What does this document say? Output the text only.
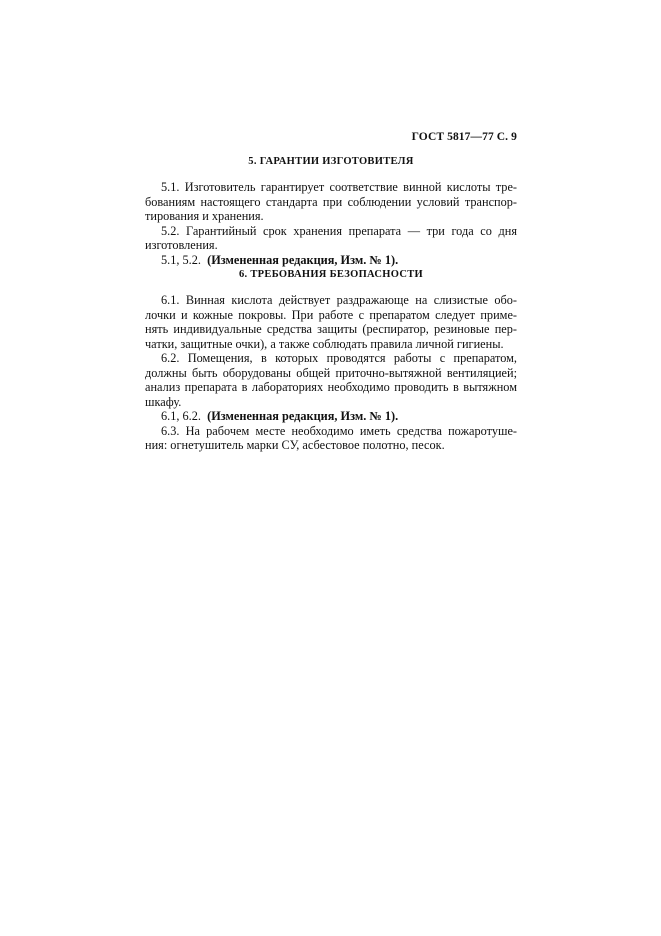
ГОСТ 5817—77 С. 9
5. ГАРАНТИИ ИЗГОТОВИТЕЛЯ
5.1. Изготовитель гарантирует соответствие винной кислоты тре-
бованиям настоящего стандарта при соблюдении условий транспор-
тирования и хранения.
5.2. Гарантийный срок хранения препарата — три года со дня
изготовления.
5.1, 5.2. (Измененная редакция, Изм. № 1).
6. ТРЕБОВАНИЯ БЕЗОПАСНОСТИ
6.1. Винная кислота действует раздражающе на слизистые обо-
лочки и кожные покровы. При работе с препаратом следует приме-
нять индивидуальные средства защиты (респиратор, резиновые пер-
чатки, защитные очки), а также соблюдать правила личной гигиены.
6.2. Помещения, в которых проводятся работы с препаратом,
должны быть оборудованы общей приточно-вытяжной вентиляцией;
анализ препарата в лабораториях необходимо проводить в вытяжном
шкафу.
6.1, 6.2. (Измененная редакция, Изм. № 1).
6.3. На рабочем месте необходимо иметь средства пожаротуше-
ния: огнетушитель марки СУ, асбестовое полотно, песок.
